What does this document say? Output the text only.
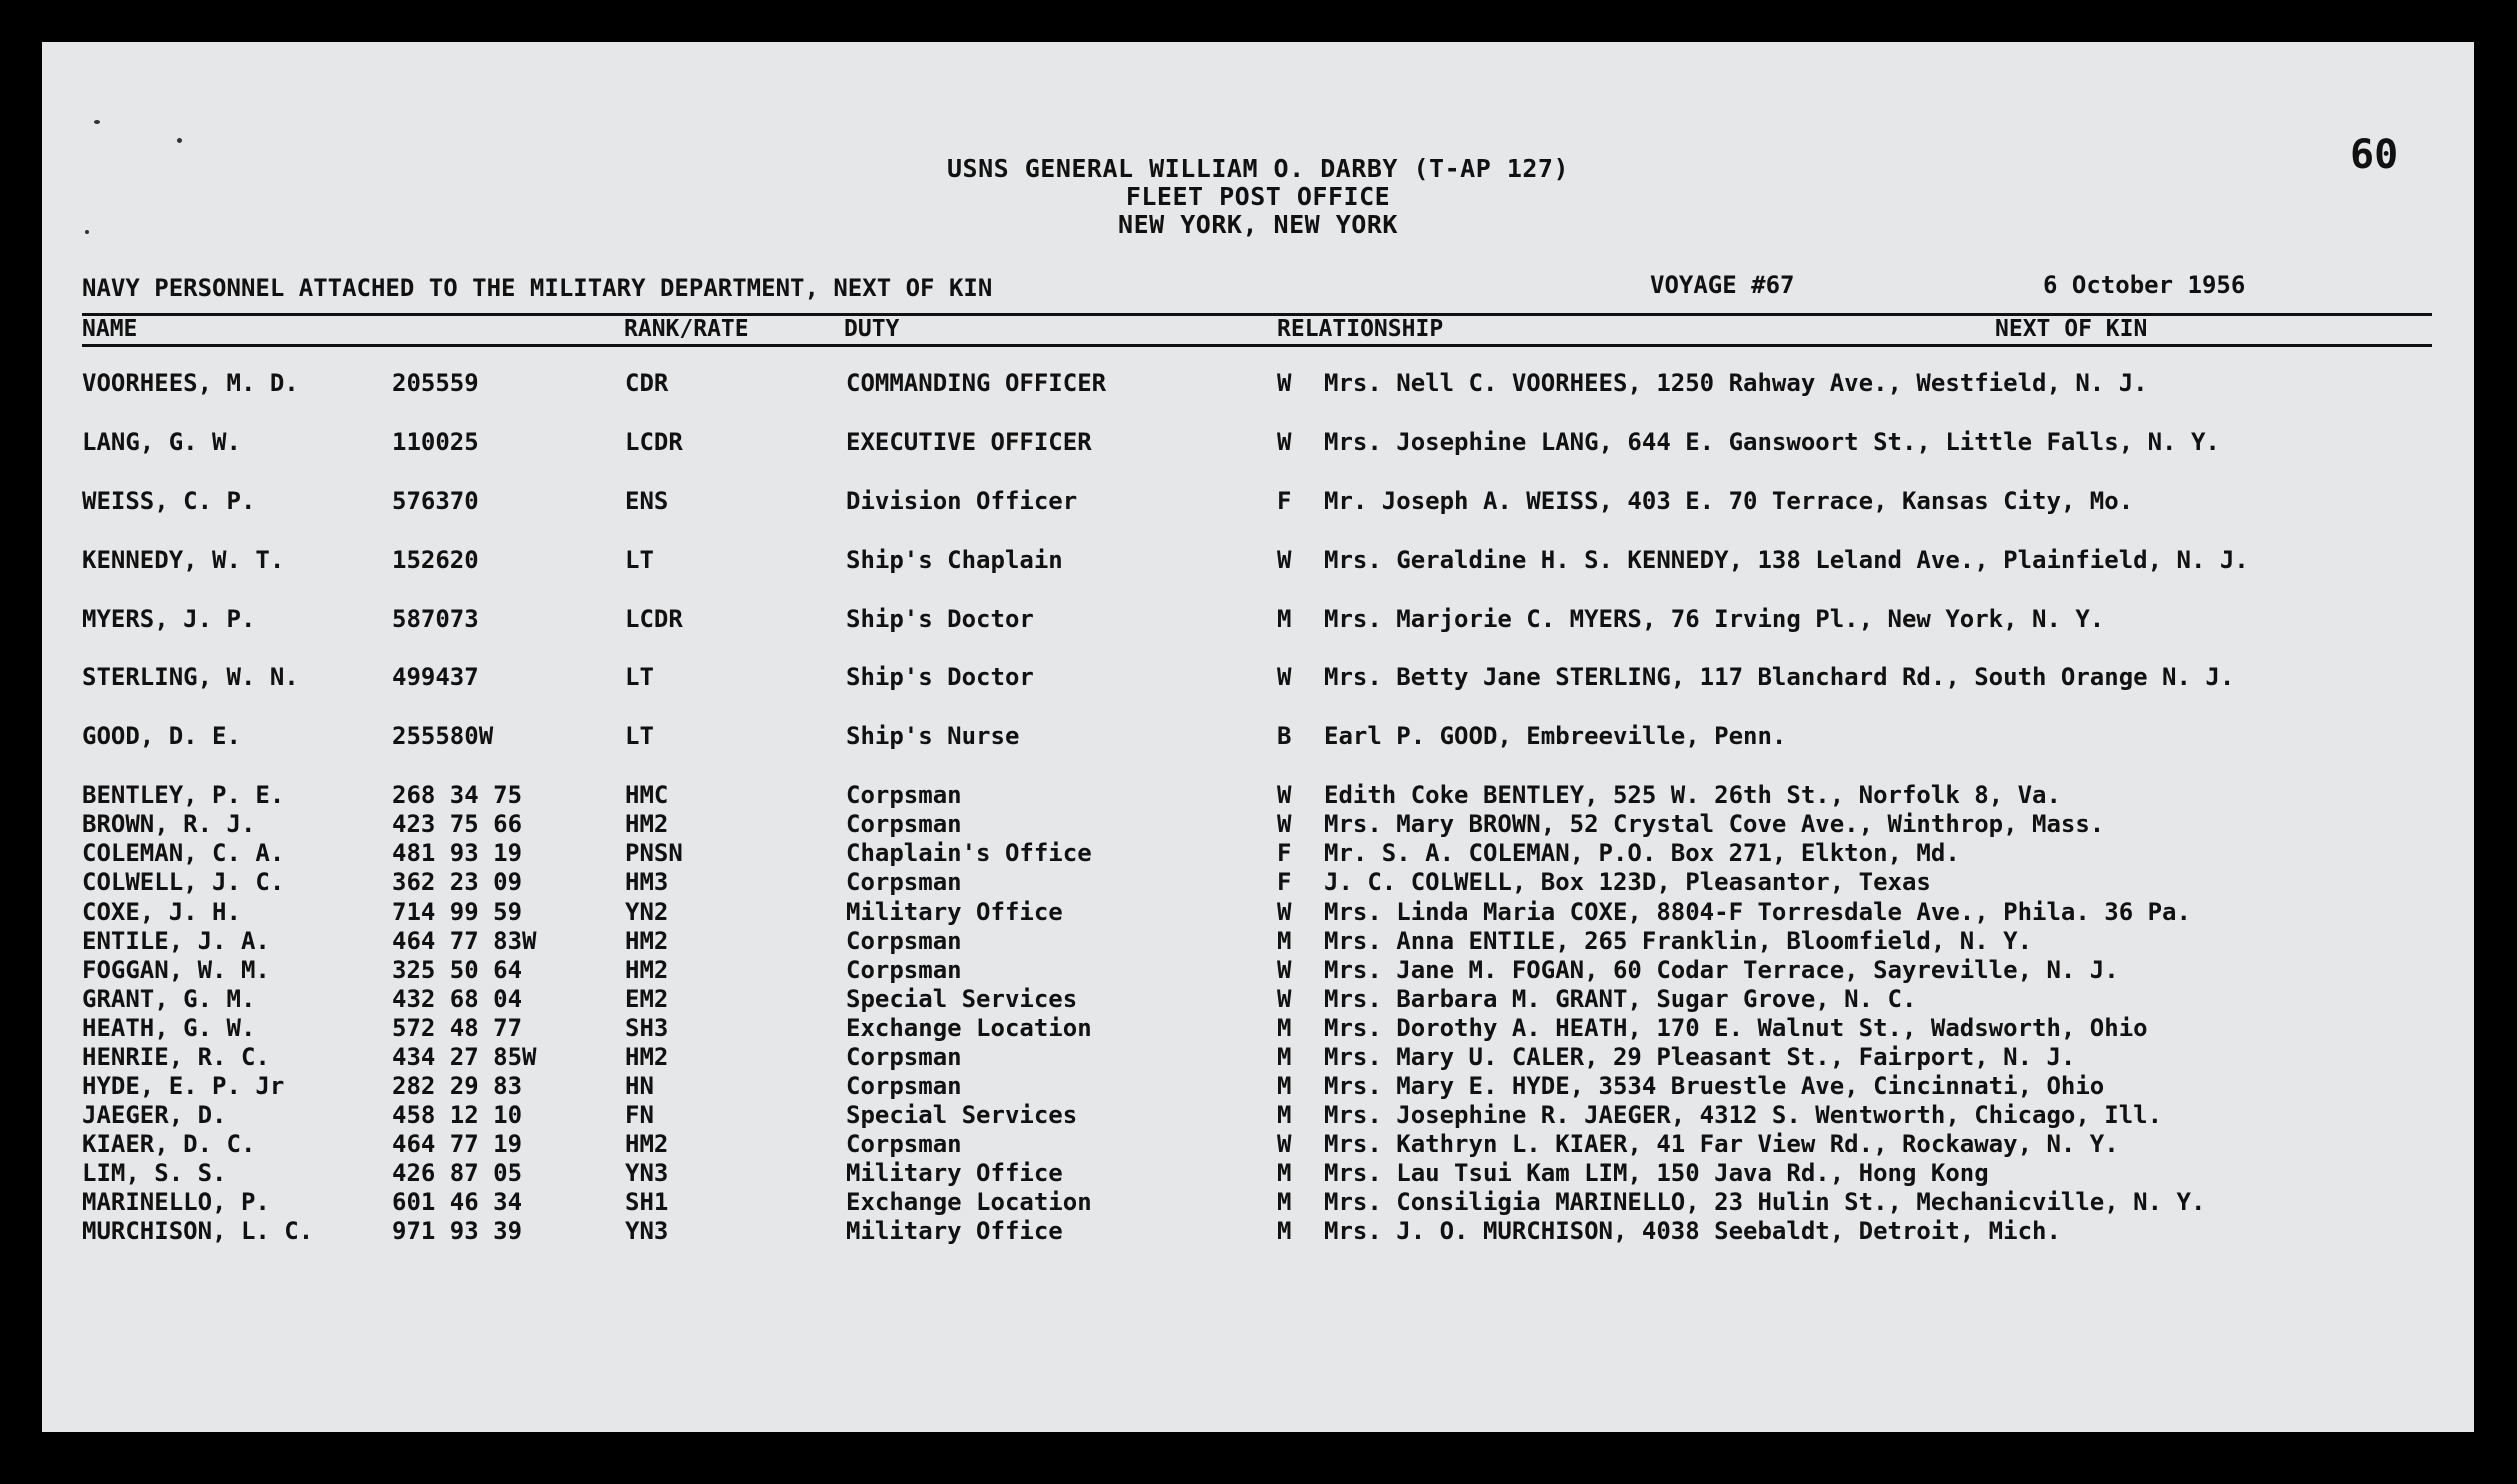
USNS GENERAL WILLIAM O. DARBY (T-AP 127)
FLEET POST OFFICE
NEW YORK, NEW YORK
60
NAVY PERSONNEL ATTACHED TO THE MILITARY DEPARTMENT, NEXT OF KIN	VOYAGE #67	6 October 1956
NAME	RANK/RATE	DUTY	RELATIONSHIP	NEXT OF KIN
VOORHEES, M. D.	205559	CDR	COMMANDING OFFICER	W Mrs. Nell C. VOORHEES, 1250 Rahway Ave., Westfield, N. J.
LANG, G. W.	110025	LCDR	EXECUTIVE OFFICER	W Mrs. Josephine LANG, 644 E. Ganswoort St., Little Falls, N. Y.
WEISS, C. P.	576370	ENS	Division Officer	F Mr. Joseph A. WEISS, 403 E. 70 Terrace, Kansas City, Mo.
KENNEDY, W. T.	152620	LT	Ship's Chaplain	W Mrs. Geraldine H. S. KENNEDY, 138 Leland Ave., Plainfield, N. J.
MYERS, J. P.	587073	LCDR	Ship's Doctor	M Mrs. Marjorie C. MYERS, 76 Irving Pl., New York, N. Y.
STERLING, W. N.	499437	LT	Ship's Doctor	W Mrs. Betty Jane STERLING, 117 Blanchard Rd., South Orange N. J.
GOOD, D. E.	255580W	LT	Ship's Nurse	B Earl P. GOOD, Embreeville, Penn.
BENTLEY, P. E.	268 34 75	HMC	Corpsman	W Edith Coke BENTLEY, 525 W. 26th St., Norfolk 8, Va.
BROWN, R. J.	423 75 66	HM2	Corpsman	W Mrs. Mary BROWN, 52 Crystal Cove Ave., Winthrop, Mass.
COLEMAN, C. A.	481 93 19	PNSN	Chaplain's Office	F Mr. S. A. COLEMAN, P.O. Box 271, Elkton, Md.
COLWELL, J. C.	362 23 09	HM3	Corpsman	F J. C. COLWELL, Box 123D, Pleasantor, Texas
COXE, J. H.	714 99 59	YN2	Military Office	W Mrs. Linda Maria COXE, 8804-F Torresdale Ave., Phila. 36 Pa.
ENTILE, J. A.	464 77 83W	HM2	Corpsman	M Mrs. Anna ENTILE, 265 Franklin, Bloomfield, N. Y.
FOGGAN, W. M.	325 50 64	HM2	Corpsman	W Mrs. Jane M. FOGAN, 60 Codar Terrace, Sayreville, N. J.
GRANT, G. M.	432 68 04	EM2	Special Services	W Mrs. Barbara M. GRANT, Sugar Grove, N. C.
HEATH, G. W.	572 48 77	SH3	Exchange Location	M Mrs. Dorothy A. HEATH, 170 E. Walnut St., Wadsworth, Ohio
HENRIE, R. C.	434 27 85W	HM2	Corpsman	M Mrs. Mary U. CALER, 29 Pleasant St., Fairport, N. J.
HYDE, E. P. Jr	282 29 83	HN	Corpsman	M Mrs. Mary E. HYDE, 3534 Bruestle Ave, Cincinnati, Ohio
JAEGER, D.	458 12 10	FN	Special Services	M Mrs. Josephine R. JAEGER, 4312 S. Wentworth, Chicago, Ill.
KIAER, D. C.	464 77 19	HM2	Corpsman	W Mrs. Kathryn L. KIAER, 41 Far View Rd., Rockaway, N. Y.
LIM, S. S.	426 87 05	YN3	Military Office	M Mrs. Lau Tsui Kam LIM, 150 Java Rd., Hong Kong
MARINELLO, P.	601 46 34	SH1	Exchange Location	M Mrs. Consiligia MARINELLO, 23 Hulin St., Mechanicville, N. Y.
MURCHISON, L. C.	971 93 39	YN3	Military Office	M Mrs. J. O. MURCHISON, 4038 Seebaldt, Detroit, Mich.
